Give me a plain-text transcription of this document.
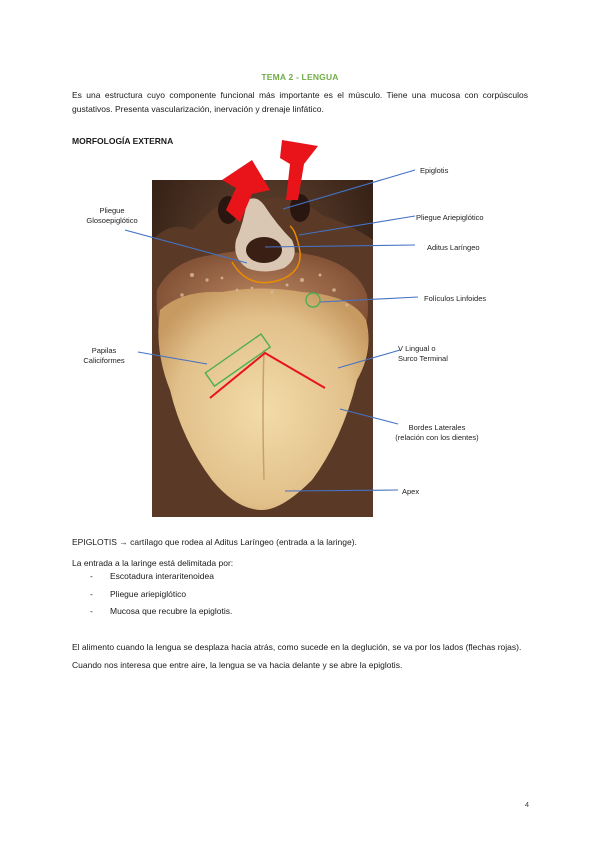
TEMA 2 - LENGUA
Es una estructura cuyo componente funcional más importante es el músculo. Tiene una mucosa con corpúsculos gustativos. Presenta vascularización, inervación y drenaje linfático.
MORFOLOGÍA EXTERNA
Epiglotis
Pliegue
Glosoepiglótico	Pliegue Ariepiglótico
Aditus Laríngeo
Folículos Linfoides
Papilas
Caliciformes
V Lingual o
Surco Terminal
Bordes Laterales
(relación con los dientes)
Apex
EPIGLOTIS → cartílago que rodea al Aditus Laríngeo (entrada a la laringe).
La entrada a la laringe está delimitada por:
- Escotadura interaritenoidea
- Pliegue ariepiglótico
- Mucosa que recubre la epiglotis.
El alimento cuando la lengua se desplaza hacia atrás, como sucede en la deglución, se va por los lados (flechas rojas).
Cuando nos interesa que entre aire, la lengua se va hacia delante y se abre la epiglotis.
4
